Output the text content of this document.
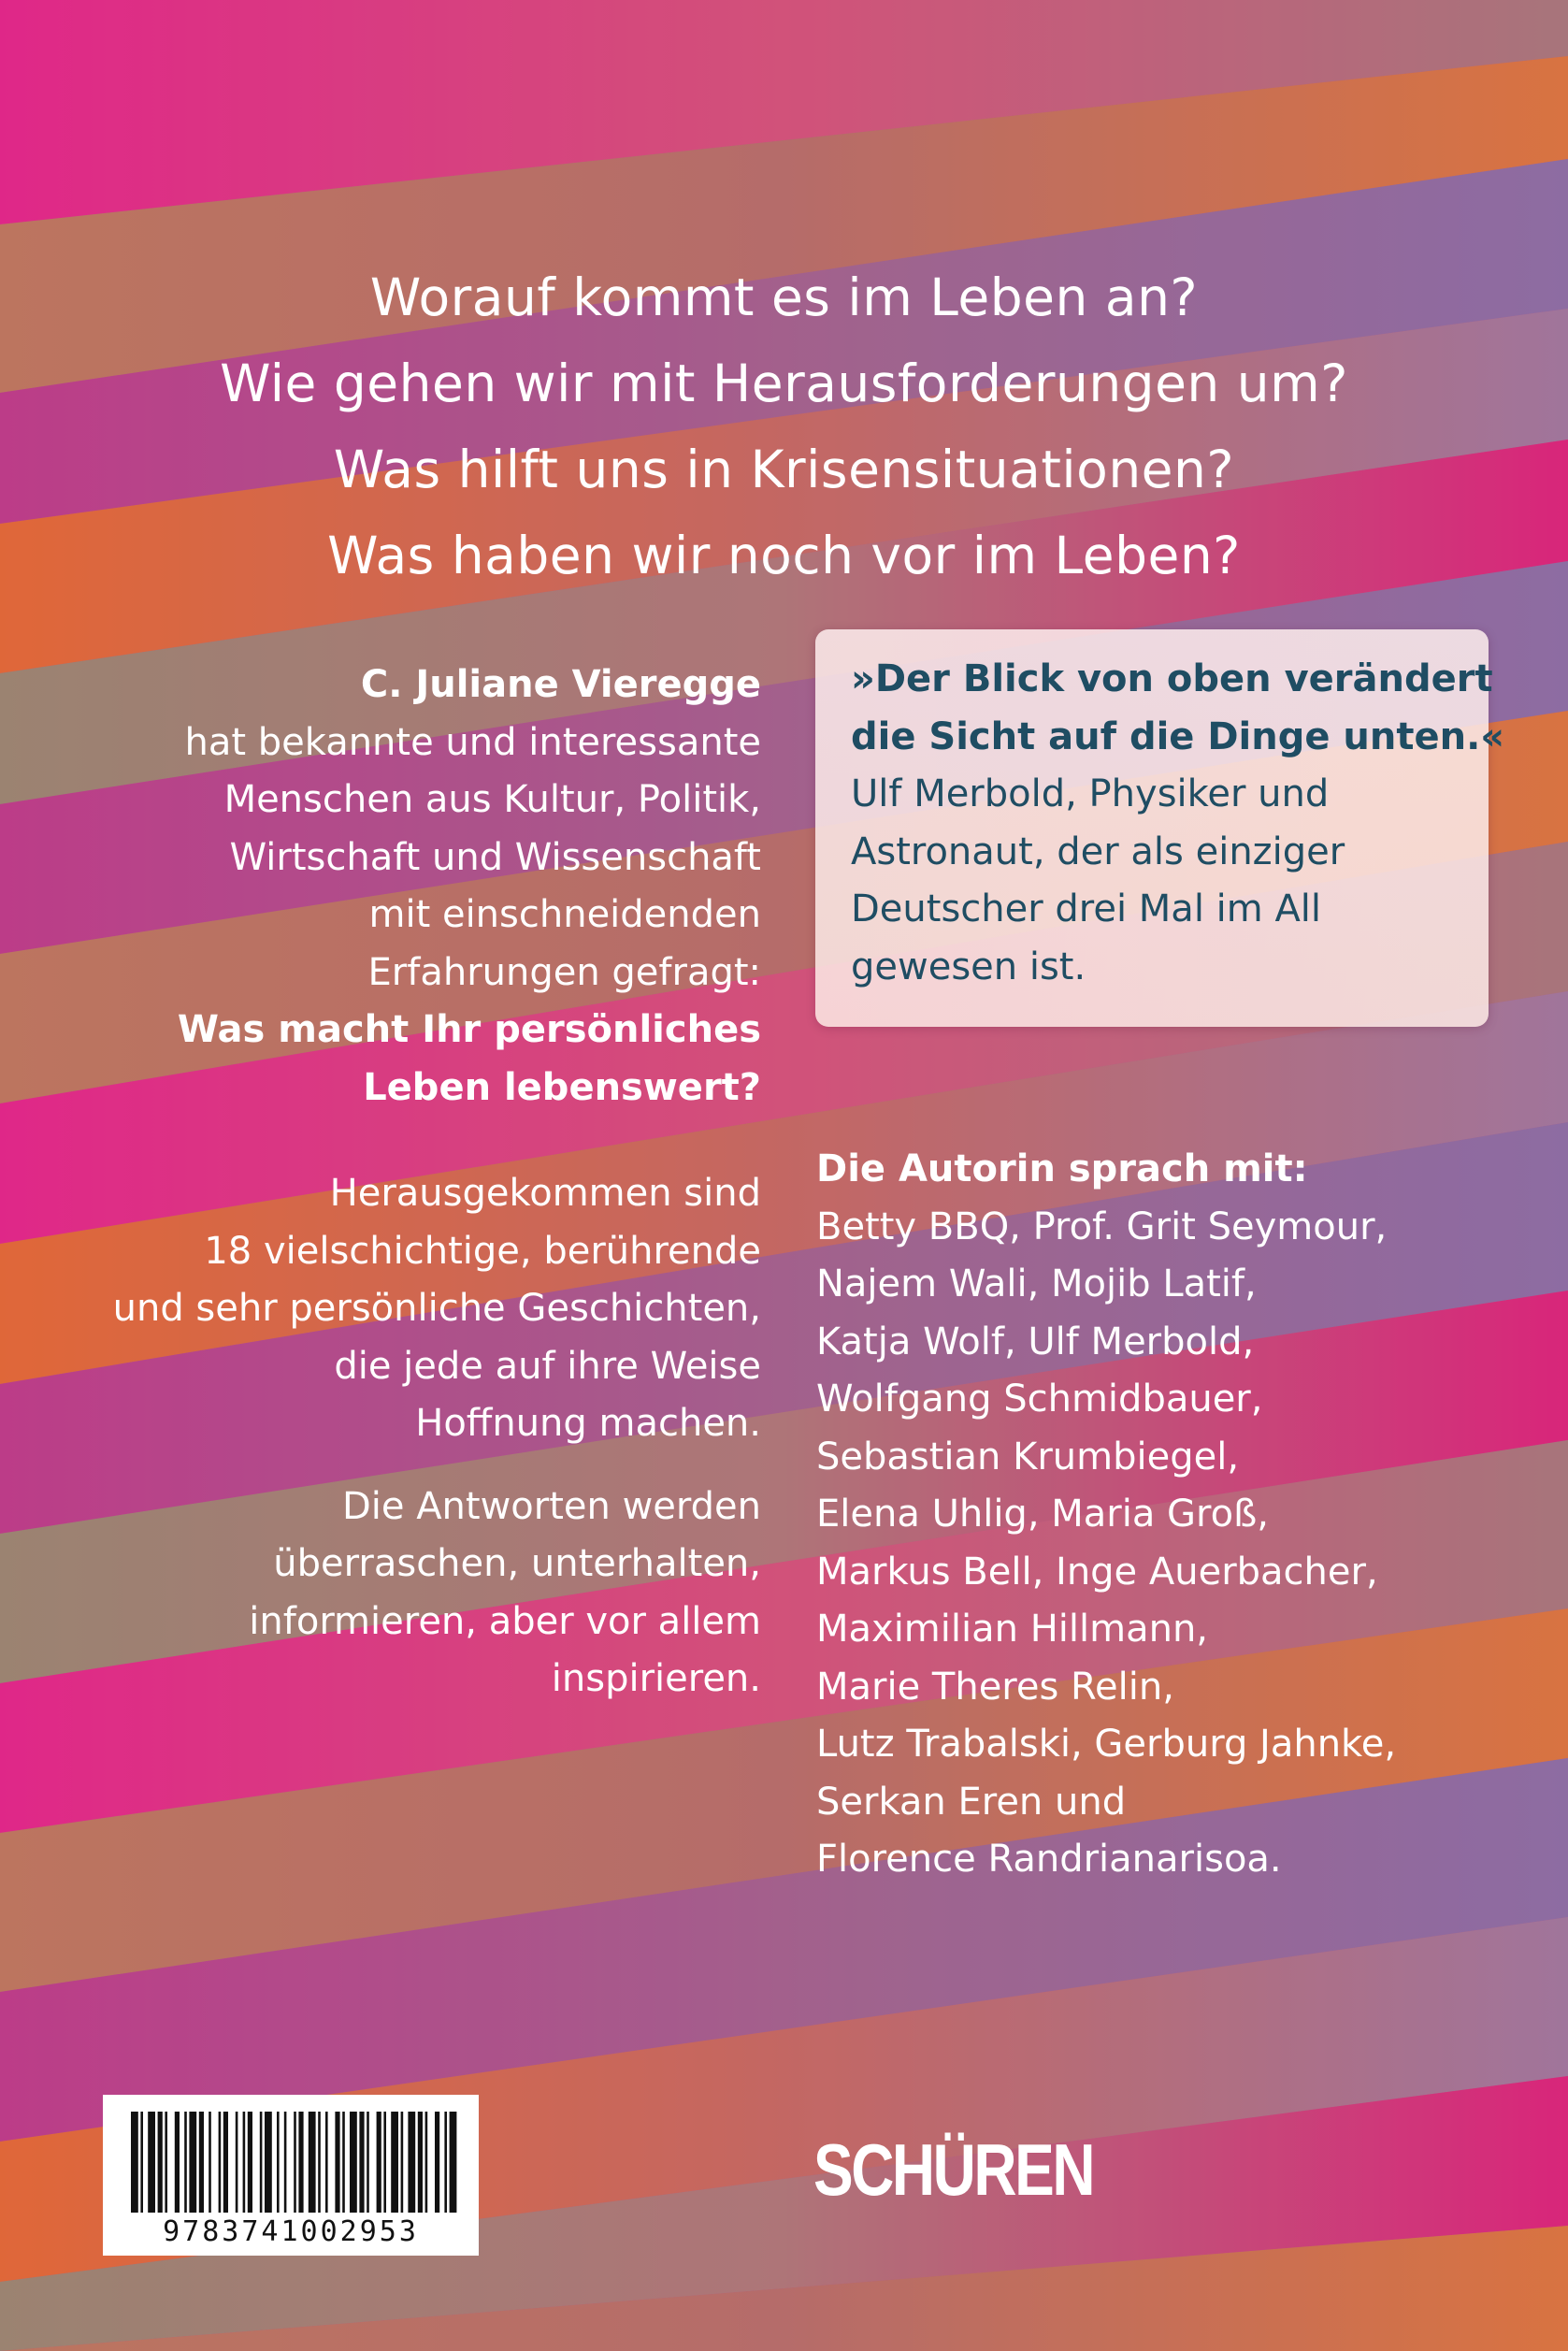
Worauf kommt es im Leben an?
Wie gehen wir mit Herausforderungen um?
Was hilft uns in Krisensituationen?
Was haben wir noch vor im Leben?

C. Juliane Vieregge
hat bekannte und interessante
Menschen aus Kultur, Politik,
Wirtschaft und Wissenschaft
mit einschneidenden
Erfahrungen gefragt:
Was macht Ihr persönliches
Leben lebenswert?

Herausgekommen sind
18 vielschichtige, berührende
und sehr persönliche Geschichten,
die jede auf ihre Weise
Hoffnung machen.

Die Antworten werden
überraschen, unterhalten,
informieren, aber vor allem
inspirieren.

»Der Blick von oben verändert
die Sicht auf die Dinge unten.«
Ulf Merbold, Physiker und
Astronaut, der als einziger
Deutscher drei Mal im All
gewesen ist.
Die Autorin sprach mit:
Betty BBQ, Prof. Grit Seymour,
Najem Wali, Mojib Latif,
Katja Wolf, Ulf Merbold,
Wolfgang Schmidbauer,
Sebastian Krumbiegel,
Elena Uhlig, Maria Groß,
Markus Bell, Inge Auerbacher,
Maximilian Hillmann,
Marie Theres Relin,
Lutz Trabalski, Gerburg Jahnke,
Serkan Eren und
Florence Randrianarisoa.
9783741002953
SCHÜREN
